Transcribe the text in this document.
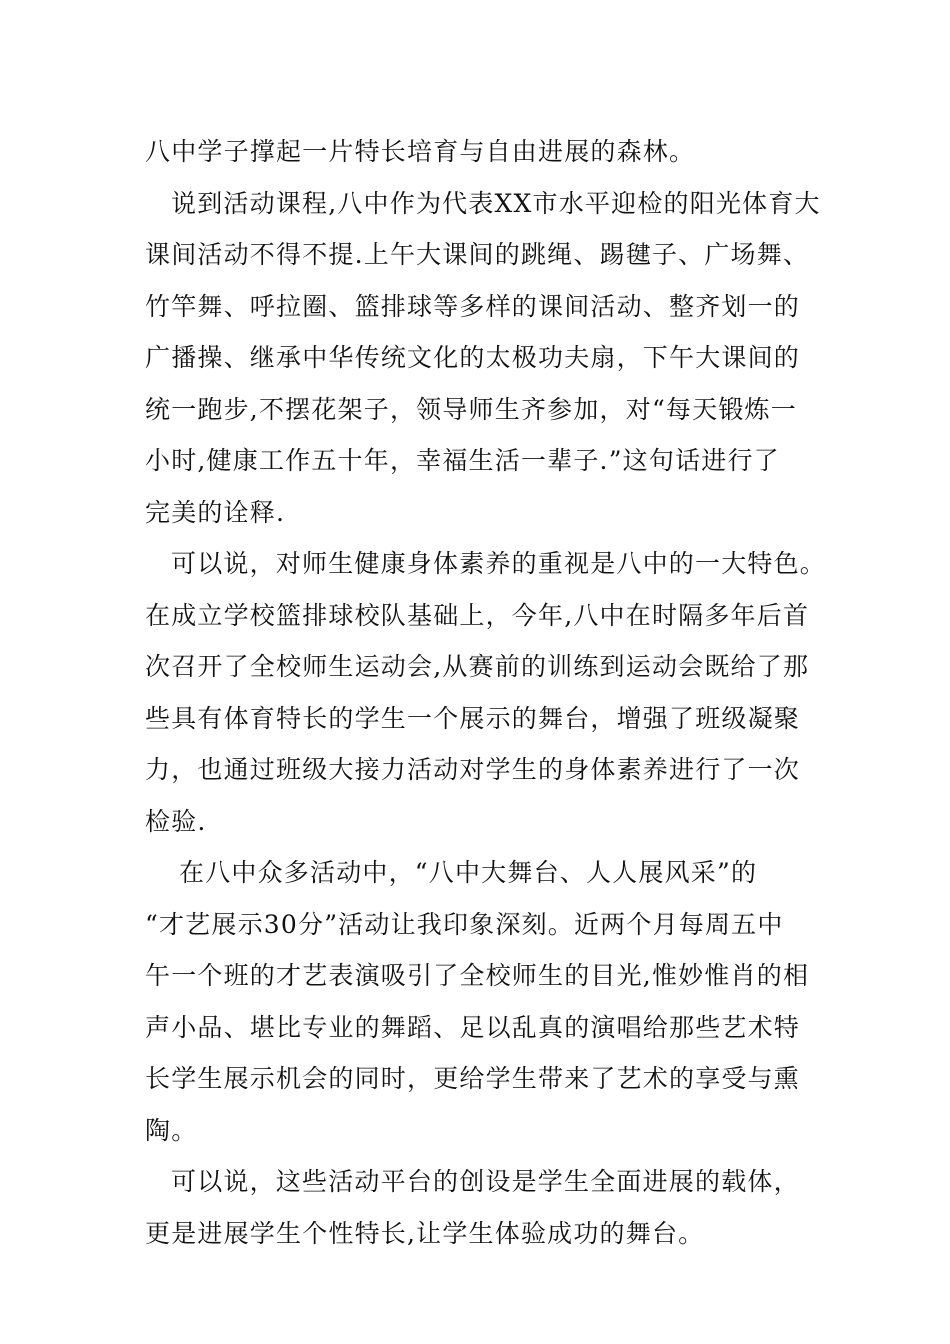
八中学子撑起一片特长培育与自由进展的森林。
说到活动课程,八中作为代表XX市水平迎检的阳光体育大
课间活动不得不提.上午大课间的跳绳、踢毽子、广场舞、
竹竿舞、呼拉圈、篮排球等多样的课间活动、整齐划一的
广播操、继承中华传统文化的太极功夫扇，下午大课间的
统一跑步,不摆花架子，领导师生齐参加，对“每天锻炼一
小时,健康工作五十年，幸福生活一辈子.”这句话进行了
完美的诠释.
可以说，对师生健康身体素养的重视是八中的一大特色。
在成立学校篮排球校队基础上，今年,八中在时隔多年后首
次召开了全校师生运动会,从赛前的训练到运动会既给了那
些具有体育特长的学生一个展示的舞台，增强了班级凝聚
力，也通过班级大接力活动对学生的身体素养进行了一次
检验.
在八中众多活动中，“八中大舞台、人人展风采”的
“才艺展示30分”活动让我印象深刻。近两个月每周五中
午一个班的才艺表演吸引了全校师生的目光,惟妙惟肖的相
声小品、堪比专业的舞蹈、足以乱真的演唱给那些艺术特
长学生展示机会的同时，更给学生带来了艺术的享受与熏
陶。
可以说，这些活动平台的创设是学生全面进展的载体，
更是进展学生个性特长,让学生体验成功的舞台。
